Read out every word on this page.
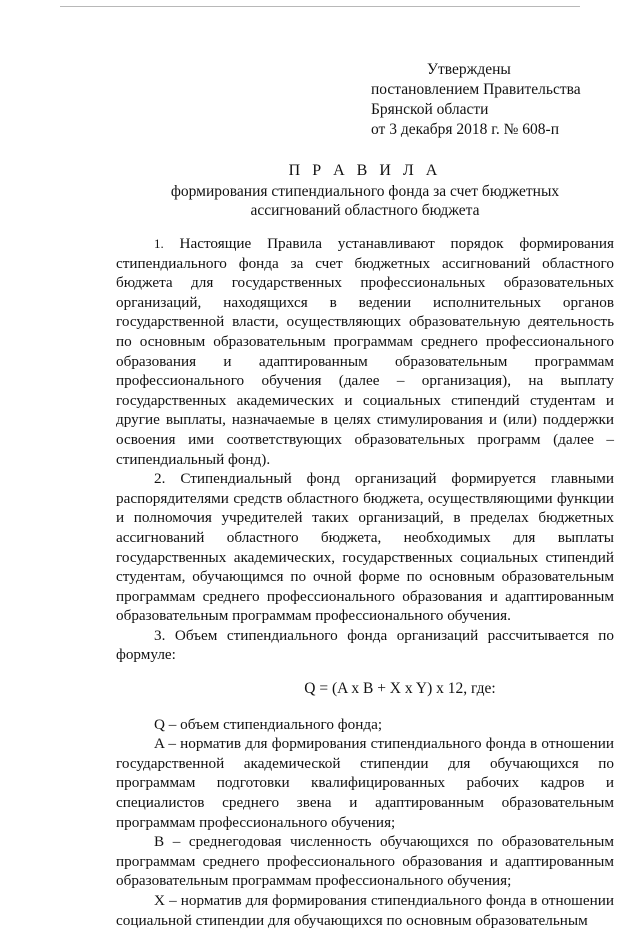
Утверждены
постановлением Правительства
Брянской области
от 3 декабря 2018 г. № 608-п
П Р А В И Л А
формирования стипендиального фонда за счет бюджетных
ассигнований областного бюджета

1. Настоящие Правила устанавливают порядок формирования стипендиального фонда за счет бюджетных ассигнований областного бюджета для государственных профессиональных образовательных организаций, находящихся в ведении исполнительных органов государственной власти, осуществляющих образовательную деятельность по основным образовательным программам среднего профессионального образования и адаптированным образовательным программам профессионального обучения (далее – организация), на выплату государственных академических и социальных стипендий студентам и другие выплаты, назначаемые в целях стимулирования и (или) поддержки освоения ими соответствующих образовательных программ (далее – стипендиальный фонд).

2. Стипендиальный фонд организаций формируется главными распорядителями средств областного бюджета, осуществляющими функции и полномочия учредителей таких организаций, в пределах бюджетных ассигнований областного бюджета, необходимых для выплаты государственных академических, государственных социальных стипендий студентам, обучающимся по очной форме по основным образовательным программам среднего профессионального образования и адаптированным образовательным программам профессионального обучения.

3. Объем стипендиального фонда организаций рассчитывается по формуле:

Q = (A x B + X x Y) x 12, где:

Q – объем стипендиального фонда;

A – норматив для формирования стипендиального фонда в отношении государственной академической стипендии для обучающихся по программам подготовки квалифицированных рабочих кадров и специалистов среднего звена и адаптированным образовательным программам профессионального обучения;

B – среднегодовая численность обучающихся по образовательным программам среднего профессионального образования и адаптированным образовательным программам профессионального обучения;

X – норматив для формирования стипендиального фонда в отношении социальной стипендии для обучающихся по основным образовательным
